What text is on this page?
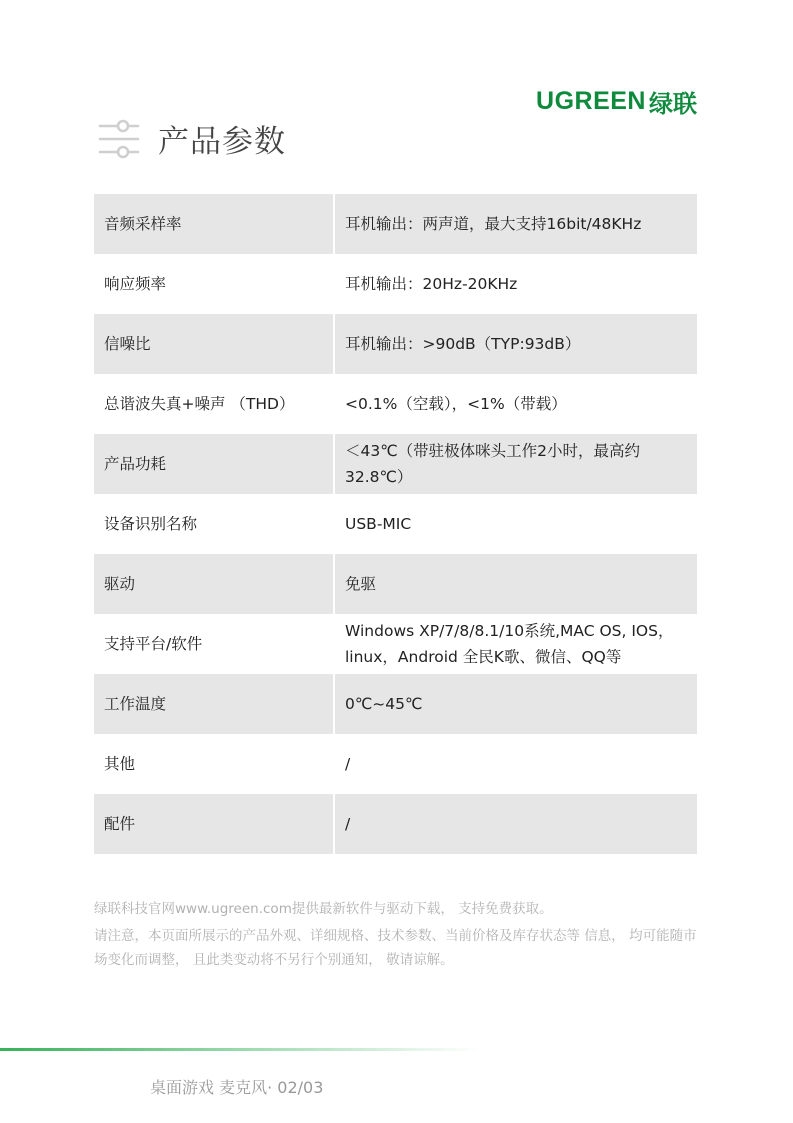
UGREEN 绿联
产品参数
音频采样率	耳机输出：两声道，最大支持16bit/48KHz
响应频率	耳机输出：20Hz-20KHz
信噪比	耳机输出：>90dB（TYP:93dB）
总谐波失真+噪声 （THD）	<0.1%（空载），<1%（带载）
产品功耗	＜43℃（带驻极体咪头工作2小时，最高约32.8℃）
设备识别名称	USB-MIC
驱动	免驱
支持平台/软件	Windows XP/7/8/8.1/10系统,MAC OS, IOS，linux，Android 全民K歌、微信、QQ等
工作温度	0℃~45℃
其他	/
配件	/

绿联科技官网www.ugreen.com提供最新软件与驱动下载， 支持免费获取。

请注意，本页面所展示的产品外观、详细规格、技术参数、当前价格及库存状态等 信息， 均可能随市场变化而调整， 且此类变动将不另行个别通知， 敬请谅解。

桌面游戏 麦克风· 02/03
